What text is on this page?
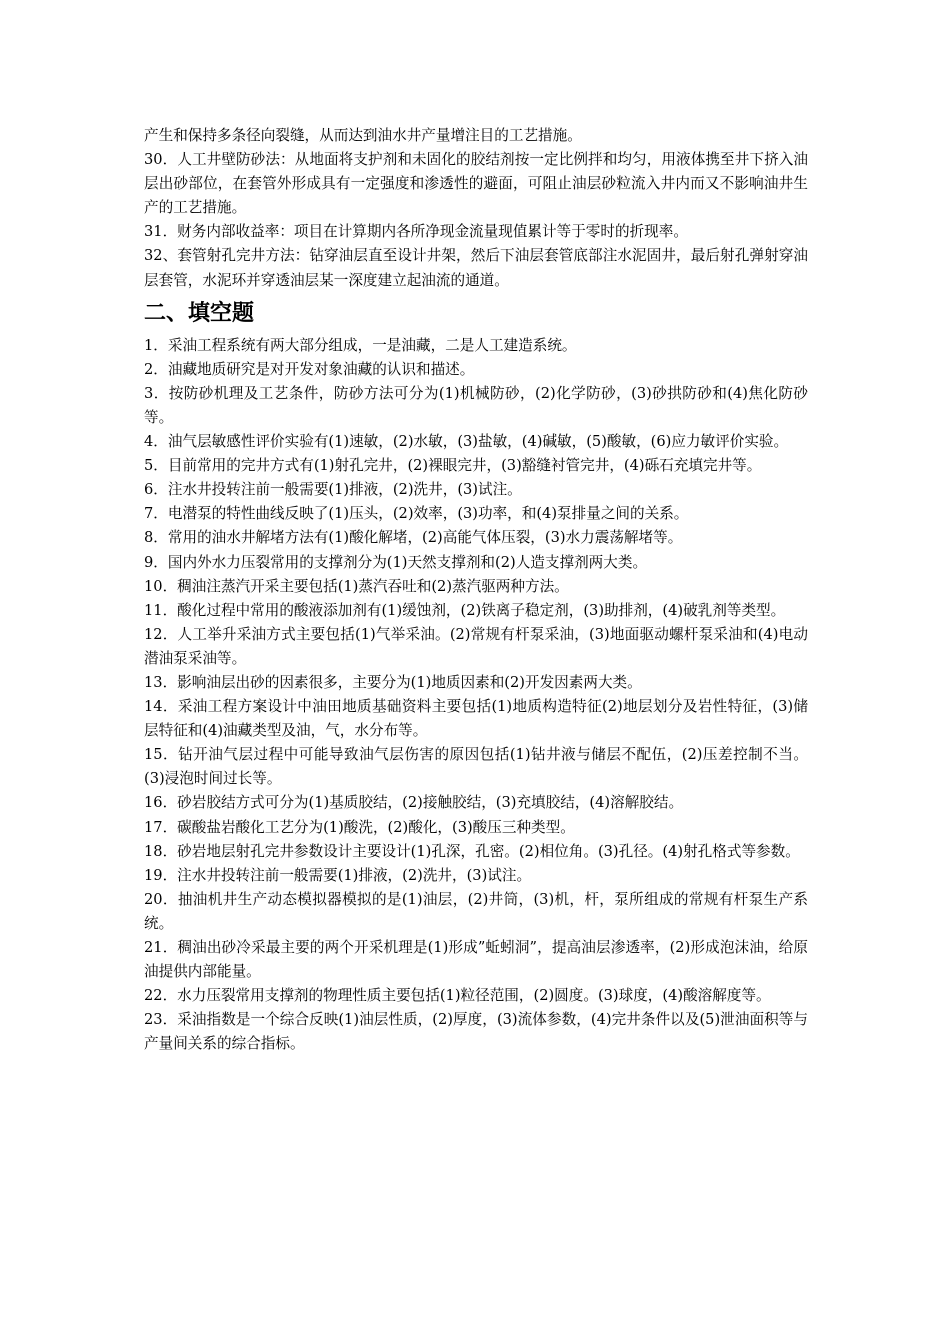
产生和保持多条径向裂缝，从而达到油水井产量增注目的工艺措施。

30．人工井壁防砂法：从地面将支护剂和未固化的胶结剂按一定比例拌和均匀，用液体携至井下挤入油层出砂部位，在套管外形成具有一定强度和渗透性的避面，可阻止油层砂粒流入井内而又不影响油井生产的工艺措施。

31．财务内部收益率：项目在计算期内各所净现金流量现值累计等于零时的折现率。

32、套管射孔完井方法：钻穿油层直至设计井架，然后下油层套管底部注水泥固井，最后射孔弹射穿油层套管，水泥环并穿透油层某一深度建立起油流的通道。

二、填空题

1．采油工程系统有两大部分组成，一是油藏，二是人工建造系统。

2．油藏地质研究是对开发对象油藏的认识和描述。

3．按防砂机理及工艺条件，防砂方法可分为(1)机械防砂，(2)化学防砂，(3)砂拱防砂和(4)焦化防砂等。

4．油气层敏感性评价实验有(1)速敏，(2)水敏，(3)盐敏，(4)碱敏，(5)酸敏，(6)应力敏评价实验。

5．目前常用的完井方式有(1)射孔完井，(2)裸眼完井，(3)豁缝衬管完井，(4)砾石充填完井等。

6．注水井投转注前一般需要(1)排液，(2)洗井，(3)试注。

7．电潜泵的特性曲线反映了(1)压头，(2)效率，(3)功率，和(4)泵排量之间的关系。

8．常用的油水井解堵方法有(1)酸化解堵，(2)高能气体压裂，(3)水力震荡解堵等。

9．国内外水力压裂常用的支撑剂分为(1)天然支撑剂和(2)人造支撑剂两大类。

10．稠油注蒸汽开采主要包括(1)蒸汽吞吐和(2)蒸汽驱两种方法。

11．酸化过程中常用的酸液添加剂有(1)缓蚀剂，(2)铁离子稳定剂，(3)助排剂，(4)破乳剂等类型。

12．人工举升采油方式主要包括(1)气举采油。(2)常规有杆泵采油，(3)地面驱动螺杆泵采油和(4)电动潜油泵采油等。

13．影响油层出砂的因素很多，主要分为(1)地质因素和(2)开发因素两大类。

14．采油工程方案设计中油田地质基础资料主要包括(1)地质构造特征(2)地层划分及岩性特征，(3)储层特征和(4)油藏类型及油，气，水分布等。

15．钻开油气层过程中可能导致油气层伤害的原因包括(1)钻井液与储层不配伍，(2)压差控制不当。(3)浸泡时间过长等。

16．砂岩胶结方式可分为(1)基质胶结，(2)接触胶结，(3)充填胶结，(4)溶解胶结。

17．碳酸盐岩酸化工艺分为(1)酸洗，(2)酸化，(3)酸压三种类型。

18．砂岩地层射孔完井参数设计主要设计(1)孔深，孔密。(2)相位角。(3)孔径。(4)射孔格式等参数。

19．注水井投转注前一般需要(1)排液，(2)洗井，(3)试注。

20．抽油机井生产动态模拟器模拟的是(1)油层，(2)井筒，(3)机，杆，泵所组成的常规有杆泵生产系统。

21．稠油出砂冷采最主要的两个开采机理是(1)形成”蚯蚓洞”，提高油层渗透率，(2)形成泡沫油，给原油提供内部能量。

22．水力压裂常用支撑剂的物理性质主要包括(1)粒径范围，(2)圆度。(3)球度，(4)酸溶解度等。

23．采油指数是一个综合反映(1)油层性质，(2)厚度，(3)流体参数，(4)完井条件以及(5)泄油面积等与产量间关系的综合指标。
